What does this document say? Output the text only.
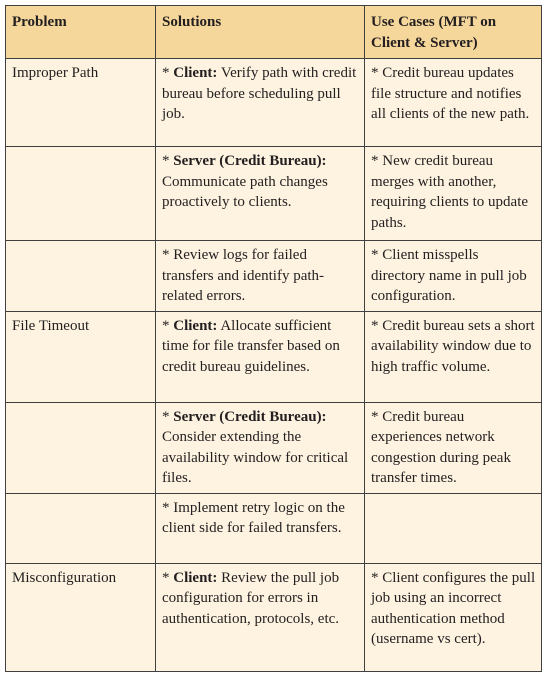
Problem	Solutions	Use Cases (MFT on Client & Server)
Improper Path	* Client: Verify path with credit bureau before scheduling pull job.	* Credit bureau updates file structure and notifies all clients of the new path.
	* Server (Credit Bureau): Communicate path changes proactively to clients.	* New credit bureau merges with another, requiring clients to update paths.
	* Review logs for failed transfers and identify path-related errors.	* Client misspells directory name in pull job configuration.
File Timeout	* Client: Allocate sufficient time for file transfer based on credit bureau guidelines.	* Credit bureau sets a short availability window due to high traffic volume.
	* Server (Credit Bureau): Consider extending the availability window for critical files.	* Credit bureau experiences network congestion during peak transfer times.
	* Implement retry logic on the client side for failed transfers.	
Misconfiguration	* Client: Review the pull job configuration for errors in authentication, protocols, etc.	* Client configures the pull job using an incorrect authentication method (username vs cert).
